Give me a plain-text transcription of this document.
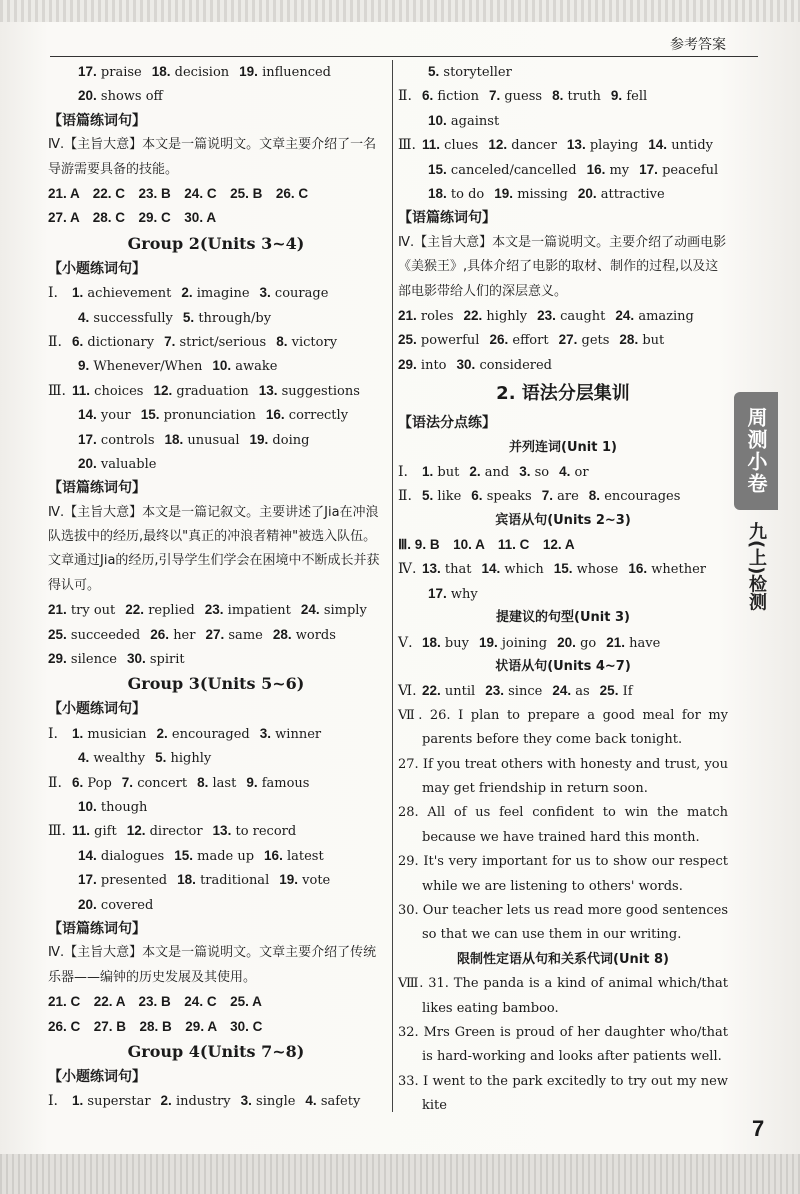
参考答案
17. praise 18. decision 19. influenced
20. shows off
【语篇练词句】
Ⅳ.【主旨大意】本文是一篇说明文。文章主要介绍了一名导游需要具备的技能。
21. A　22. C　23. B　24. C　25. B　26. C
27. A　28. C　29. C　30. A
Group 2(Units 3~4)
【小题练词句】
Ⅰ. 1. achievement 2. imagine 3. courage
4. successfully 5. through/by
Ⅱ. 6. dictionary 7. strict/serious 8. victory
9. Whenever/When 10. awake
Ⅲ. 11. choices 12. graduation 13. suggestions
14. your 15. pronunciation 16. correctly
17. controls 18. unusual 19. doing
20. valuable
【语篇练词句】
Ⅳ.【主旨大意】本文是一篇记叙文。主要讲述了Jia在冲浪队选拔中的经历,最终以"真正的冲浪者精神"被选入队伍。文章通过Jia的经历,引导学生们学会在困境中不断成长并获得认可。
21. try out 22. replied 23. impatient 24. simply
25. succeeded 26. her 27. same 28. words
29. silence 30. spirit
Group 3(Units 5~6)
【小题练词句】
Ⅰ. 1. musician 2. encouraged 3. winner
4. wealthy 5. highly
Ⅱ. 6. Pop 7. concert 8. last 9. famous
10. though
Ⅲ. 11. gift 12. director 13. to record
14. dialogues 15. made up 16. latest
17. presented 18. traditional 19. vote
20. covered
【语篇练词句】
Ⅳ.【主旨大意】本文是一篇说明文。文章主要介绍了传统乐器——编钟的历史发展及其使用。
21. C　22. A　23. B　24. C　25. A
26. C　27. B　28. B　29. A　30. C
Group 4(Units 7~8)
【小题练词句】
Ⅰ. 1. superstar 2. industry 3. single 4. safety
5. storyteller
Ⅱ. 6. fiction 7. guess 8. truth 9. fell
10. against
Ⅲ. 11. clues 12. dancer 13. playing 14. untidy
15. canceled/cancelled 16. my 17. peaceful
18. to do 19. missing 20. attractive
【语篇练词句】
Ⅳ.【主旨大意】本文是一篇说明文。主要介绍了动画电影《美猴王》,具体介绍了电影的取材、制作的过程,以及这部电影带给人们的深层意义。
21. roles 22. highly 23. caught 24. amazing
25. powerful 26. effort 27. gets 28. but
29. into 30. considered
2. 语法分层集训
【语法分点练】
并列连词(Unit 1)
Ⅰ. 1. but 2. and 3. so 4. or
Ⅱ. 5. like 6. speaks 7. are 8. encourages
宾语从句(Units 2~3)
Ⅲ. 9. B　10. A　11. C　12. A
Ⅳ. 13. that 14. which 15. whose 16. whether
17. why
提建议的句型(Unit 3)
Ⅴ. 18. buy 19. joining 20. go 21. have
状语从句(Units 4~7)
Ⅵ. 22. until 23. since 24. as 25. If
Ⅶ. 26. I plan to prepare a good meal for my parents before they come back tonight.
27. If you treat others with honesty and trust, you may get friendship in return soon.
28. All of us feel confident to win the match because we have trained hard this month.
29. It's very important for us to show our respect while we are listening to others' words.
30. Our teacher lets us read more good sentences so that we can use them in our writing.
限制性定语从句和关系代词(Unit 8)
Ⅷ. 31. The panda is a kind of animal which/that likes eating bamboo.
32. Mrs Green is proud of her daughter who/that is hard-working and looks after patients well.
33. I went to the park excitedly to try out my new kite
周测小卷
九(上)检测
7
